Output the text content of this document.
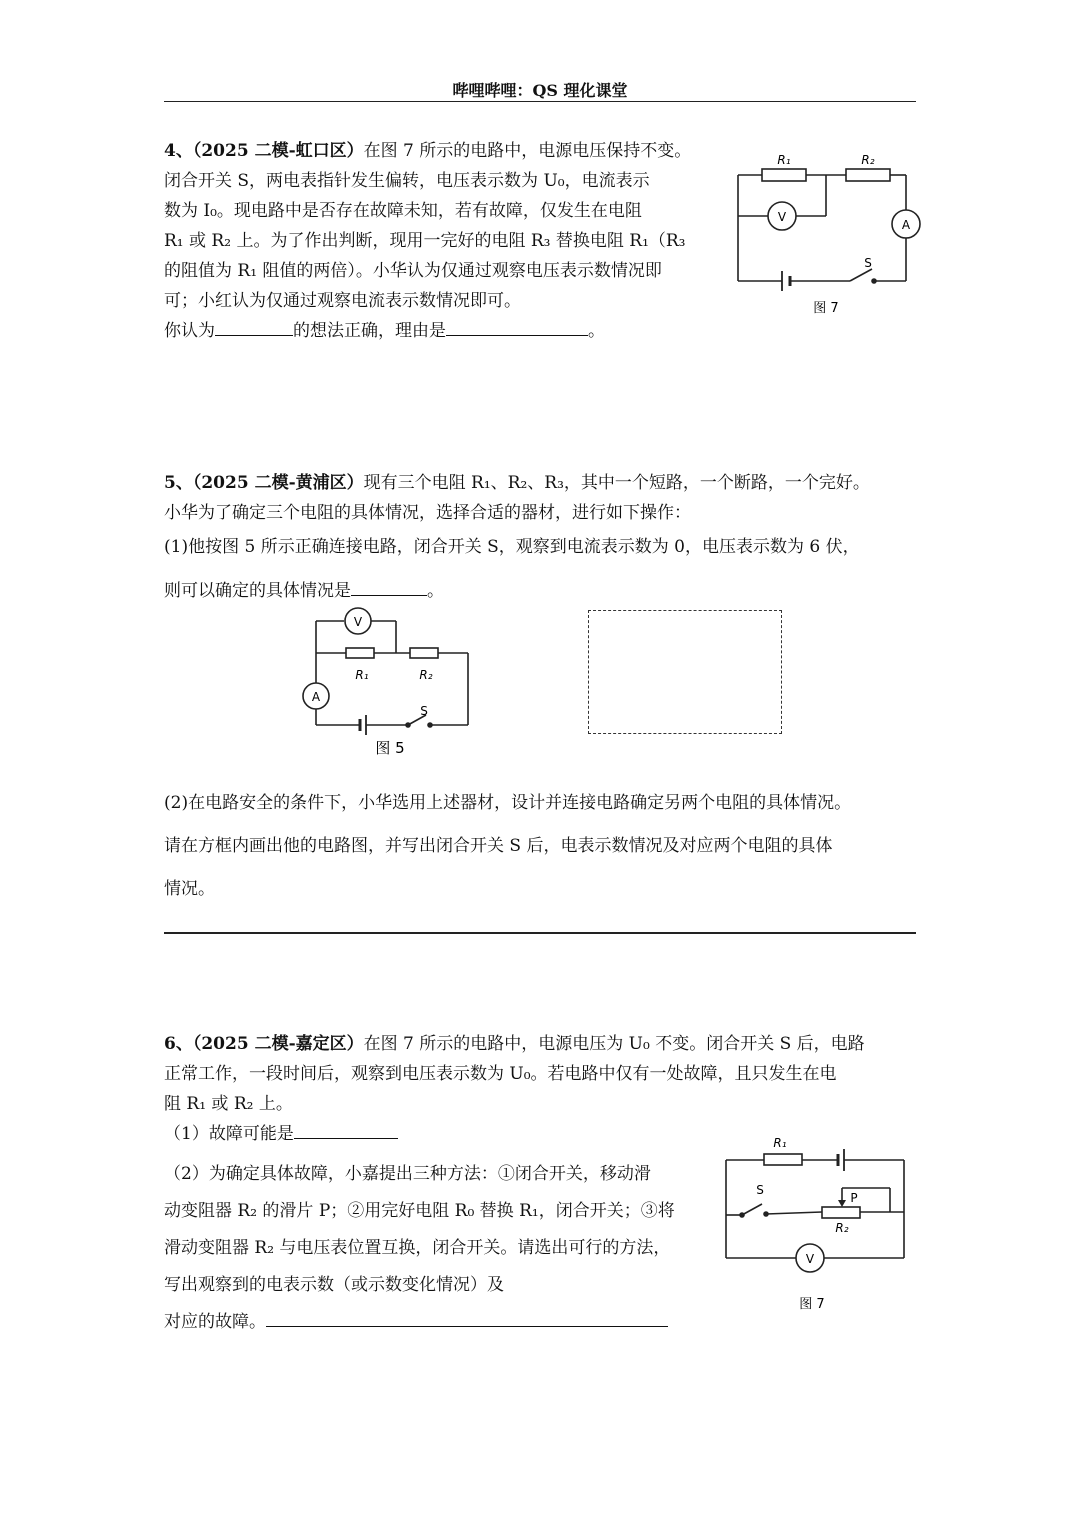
哔哩哔哩：QS 理化课堂

4、（2025 二模-虹口区）在图 7 所示的电路中，电源电压保持不变。

闭合开关 S，两电表指针发生偏转，电压表示数为 U₀，电流表示

数为 I₀。现电路中是否存在故障未知，若有故障，仅发生在电阻

R₁ 或 R₂ 上。为了作出判断，现用一完好的电阻 R₃ 替换电阻 R₁（R₃

的阻值为 R₁ 阻值的两倍）。小华认为仅通过观察电压表示数情况即

可；小红认为仅通过观察电流表示数情况即可。

你认为	的想法正确，理由是	。

R₁	R₂
V
A
S
图 7

5、（2025 二模-黄浦区）现有三个电阻 R₁、R₂、R₃，其中一个短路，一个断路，一个完好。

小华为了确定三个电阻的具体情况，选择合适的器材，进行如下操作：

(1)他按图 5 所示正确连接电路，闭合开关 S，观察到电流表示数为 0，电压表示数为 6 伏，

则可以确定的具体情况是	。

V
A
R₁	R₂
S
图 5

(2)在电路安全的条件下，小华选用上述器材，设计并连接电路确定另两个电阻的具体情况。

请在方框内画出他的电路图，并写出闭合开关 S 后，电表示数情况及对应两个电阻的具体

情况。

6、（2025 二模-嘉定区）在图 7 所示的电路中，电源电压为 U₀ 不变。闭合开关 S 后，电路

正常工作，一段时间后，观察到电压表示数为 U₀。若电路中仅有一处故障，且只发生在电

阻 R₁ 或 R₂ 上。

（1）故障可能是

（2）为确定具体故障，小嘉提出三种方法：①闭合开关，移动滑

动变阻器 R₂ 的滑片 P；②用完好电阻 R₀ 替换 R₁，闭合开关；③将

滑动变阻器 R₂ 与电压表位置互换，闭合开关。请选出可行的方法，

写出观察到的电表示数（或示数变化情况）及

对应的故障。

R₁
R₂
P
S
V
图 7
